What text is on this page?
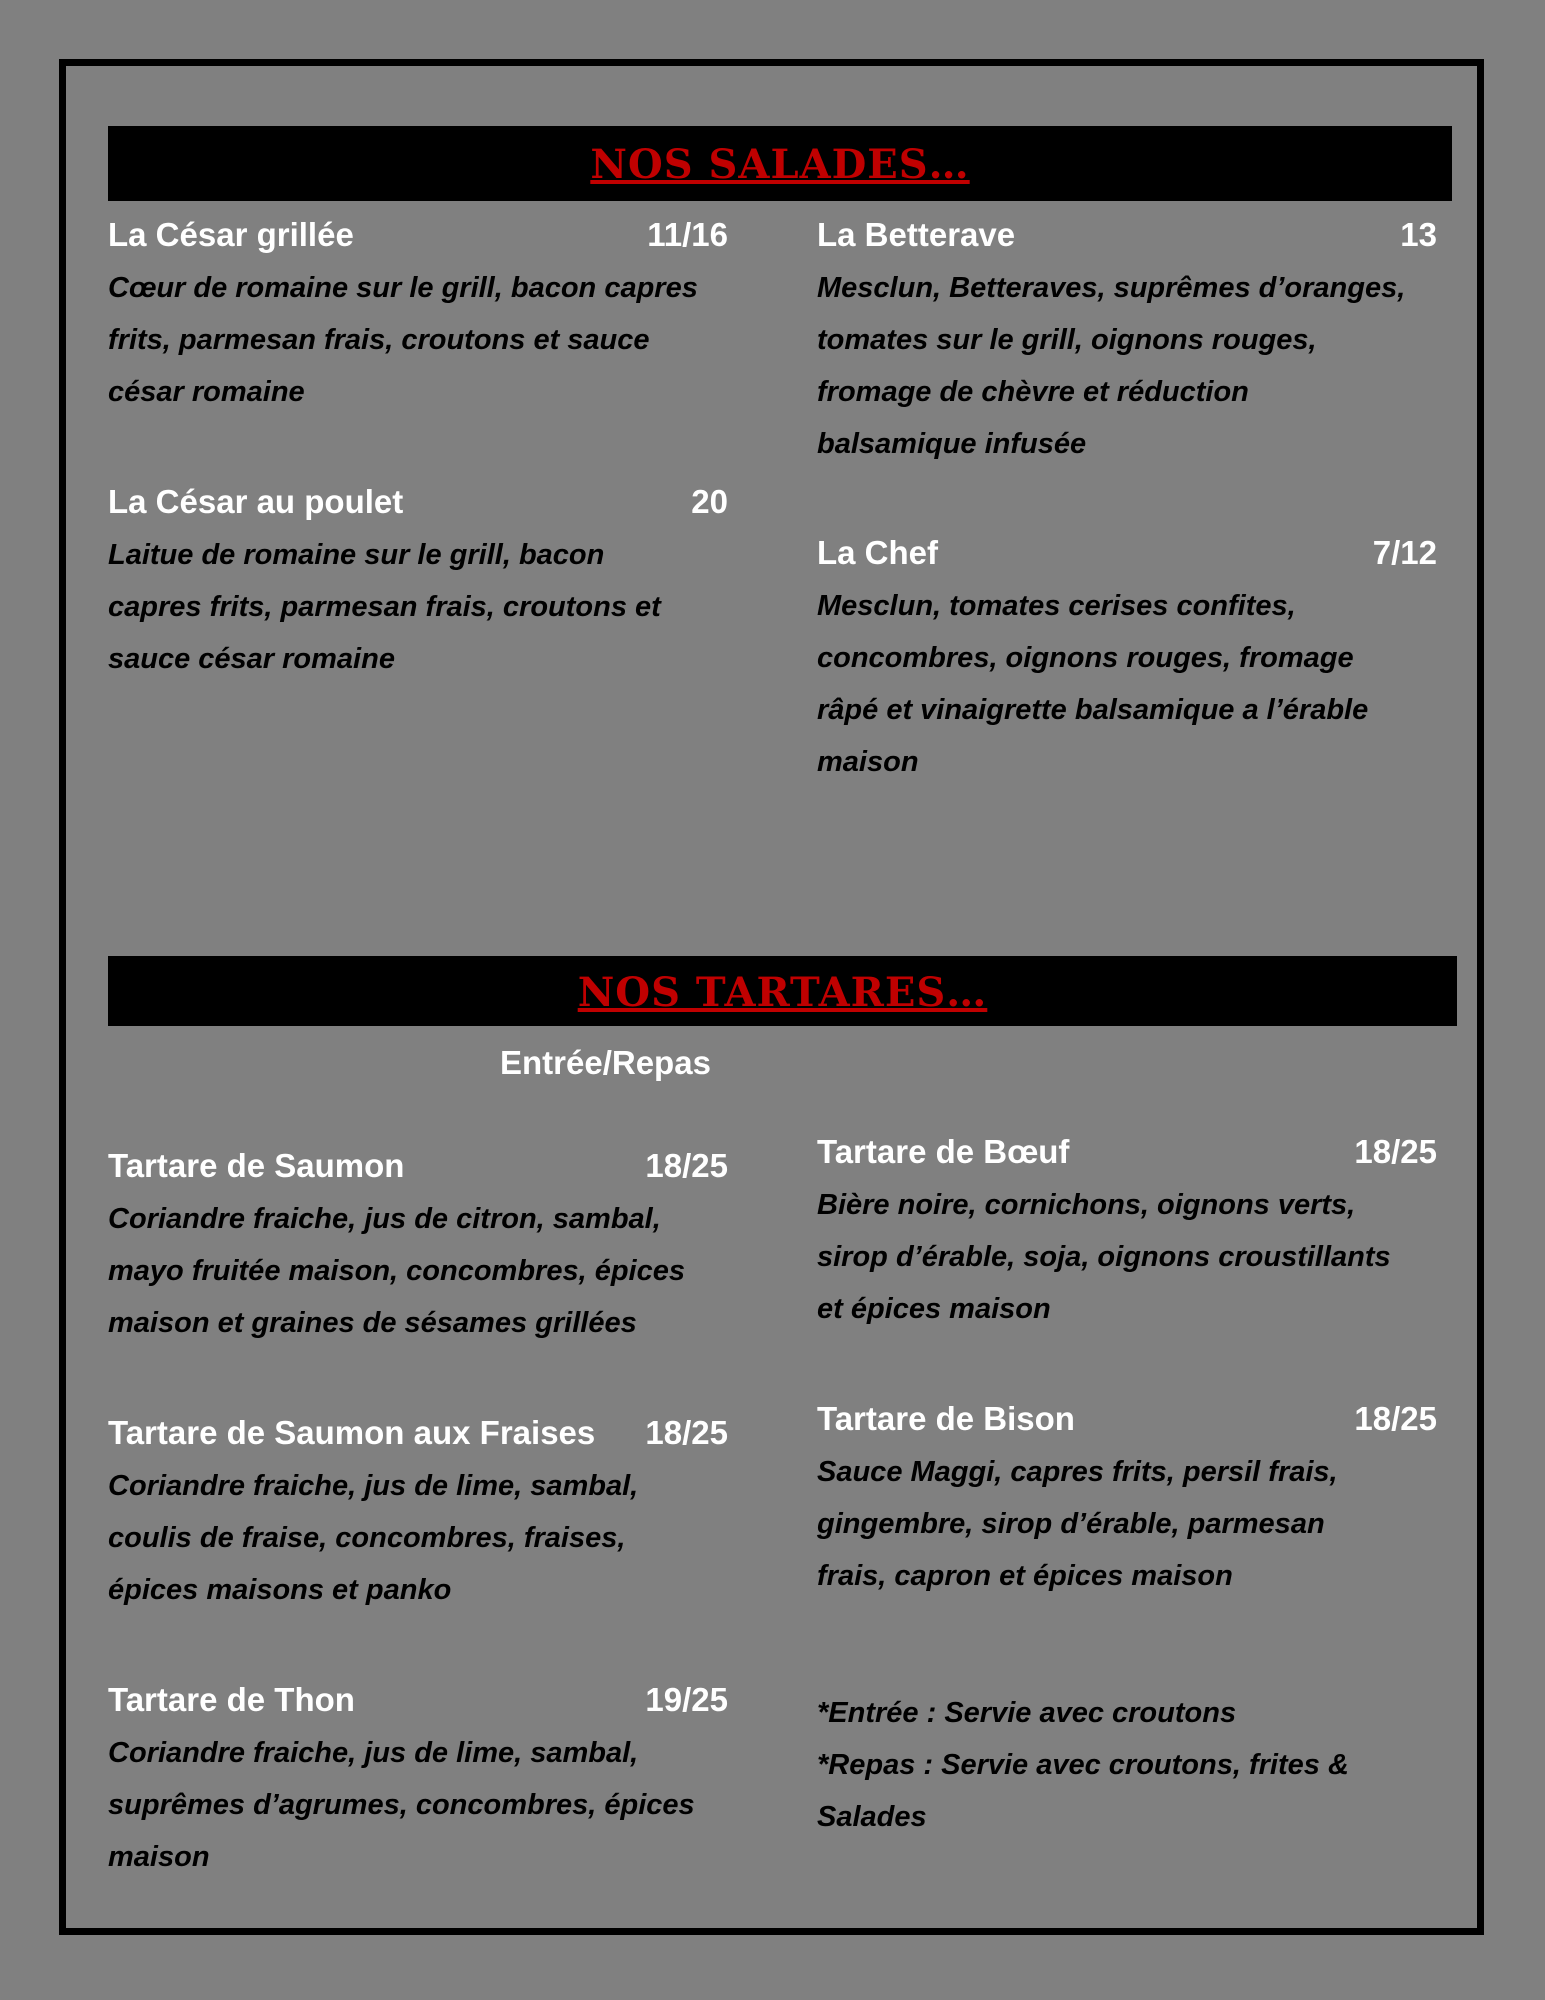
NOS SALADES…
La César grillée	11/16

Cœur de romaine sur le grill, bacon capres
frits, parmesan frais, croutons et sauce
césar romaine

La César au poulet	20

Laitue de romaine sur le grill, bacon
capres frits, parmesan frais, croutons et
sauce césar romaine

La Betterave	13

Mesclun, Betteraves, suprêmes d’oranges,
tomates sur le grill, oignons rouges,
fromage de chèvre et réduction
balsamique infusée

La Chef	7/12

Mesclun, tomates cerises confites,
concombres, oignons rouges, fromage
râpé et vinaigrette balsamique a l’érable
maison

NOS TARTARES…
Entrée/Repas
Tartare de Saumon	18/25

Coriandre fraiche, jus de citron, sambal,
mayo fruitée maison, concombres, épices
maison et graines de sésames grillées

Tartare de Saumon aux Fraises 18/25

Coriandre fraiche, jus de lime, sambal,
coulis de fraise, concombres, fraises,
épices maisons et panko

Tartare de Thon	19/25

Coriandre fraiche, jus de lime, sambal,
suprêmes d’agrumes, concombres, épices
maison

Tartare de Bœuf	18/25

Bière noire, cornichons, oignons verts,
sirop d’érable, soja, oignons croustillants
et épices maison

Tartare de Bison	18/25

Sauce Maggi, capres frits, persil frais,
gingembre, sirop d’érable, parmesan
frais, capron et épices maison

*Entrée : Servie avec croutons
*Repas : Servie avec croutons, frites &
Salades
